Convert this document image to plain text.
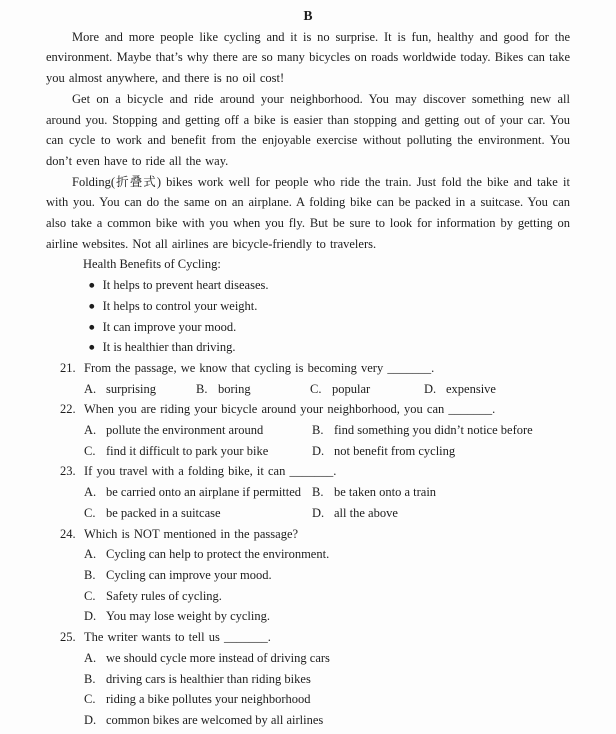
B

More and more people like cycling and it is no surprise. It is fun, healthy and good for the environment. Maybe that’s why there are so many bicycles on roads worldwide today. Bikes can take you almost anywhere, and there is no oil cost!

Get on a bicycle and ride around your neighborhood. You may discover something new all around you. Stopping and getting off a bike is easier than stopping and getting out of your car. You can cycle to work and benefit from the enjoyable exercise without polluting the environment. You don’t even have to ride all the way.

Folding(折叠式) bikes work well for people who ride the train. Just fold the bike and take it with you. You can do the same on an airplane. A folding bike can be packed in a suitcase. You can also take a common bike with you when you fly. But be sure to look for information by getting on airline websites. Not all airlines are bicycle-friendly to travelers.

Health Benefits of Cycling:

● It helps to prevent heart diseases.
● It helps to control your weight.
● It can improve your mood.
● It is healthier than driving.
21. From the passage, we know that cycling is becoming very _______.
A. surprising	B. boring	C. popular	D. expensive
22. When you are riding your bicycle around your neighborhood, you can _______.
A. pollute the environment around	B. find something you didn’t notice before
C. find it difficult to park your bike	D. not benefit from cycling
23. If you travel with a folding bike, it can _______.
A. be carried onto an airplane if permitted B. be taken onto a train
C. be packed in a suitcase	D. all the above
24. Which is NOT mentioned in the passage?
A. Cycling can help to protect the environment.
B. Cycling can improve your mood.
C. Safety rules of cycling.
D. You may lose weight by cycling.
25. The writer wants to tell us _______.
A. we should cycle more instead of driving cars
B. driving cars is healthier than riding bikes
C. riding a bike pollutes your neighborhood
D. common bikes are welcomed by all airlines
